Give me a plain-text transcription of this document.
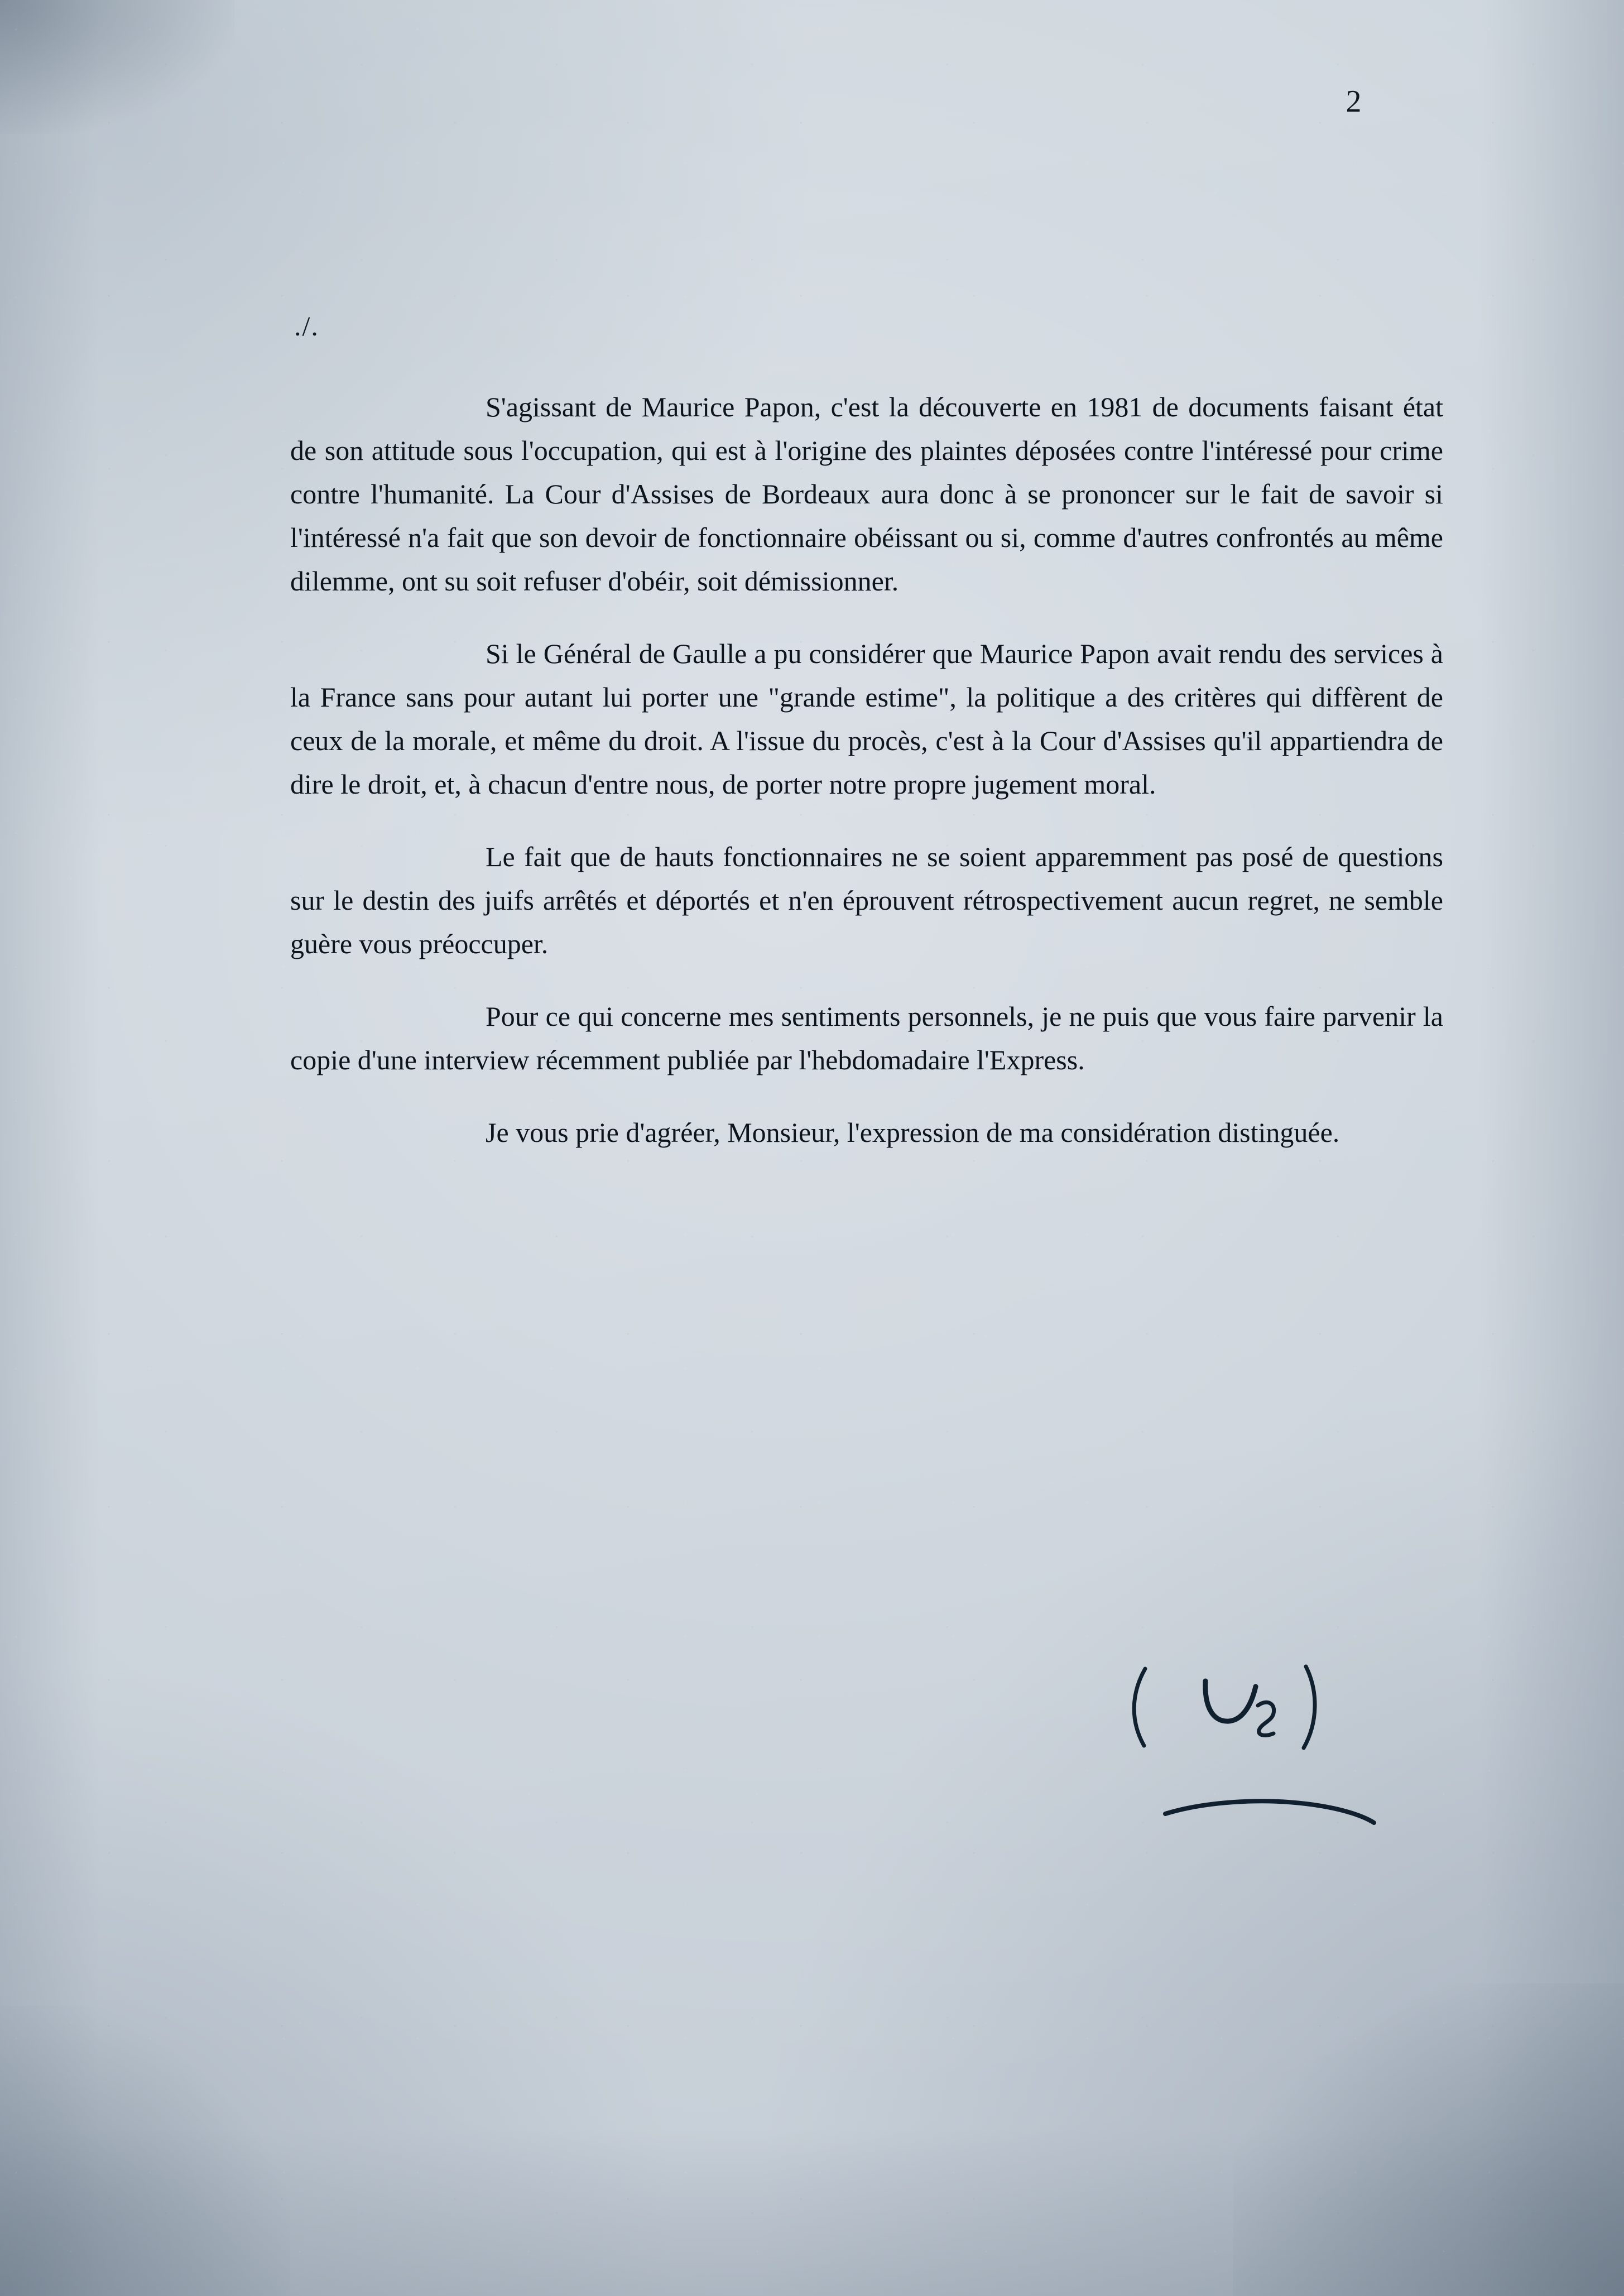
2
./.

S'agissant de Maurice Papon, c'est la découverte en 1981 de documents faisant état de son attitude sous l'occupation, qui est à l'origine des plaintes déposées contre l'intéressé pour crime contre l'humanité. La Cour d'Assises de Bordeaux aura donc à se prononcer sur le fait de savoir si l'intéressé n'a fait que son devoir de fonctionnaire obéissant ou si, comme d'autres confrontés au même dilemme, ont su soit refuser d'obéir, soit démissionner.

Si le Général de Gaulle a pu considérer que Maurice Papon avait rendu des services à la France sans pour autant lui porter une "grande estime", la politique a des critères qui diffèrent de ceux de la morale, et même du droit. A l'issue du procès, c'est à la Cour d'Assises qu'il appartiendra de dire le droit, et, à chacun d'entre nous, de porter notre propre jugement moral.

Le fait que de hauts fonctionnaires ne se soient apparemment pas posé de questions sur le destin des juifs arrêtés et déportés et n'en éprouvent rétrospectivement aucun regret, ne semble guère vous préoccuper.

Pour ce qui concerne mes sentiments personnels, je ne puis que vous faire parvenir la copie d'une interview récemment publiée par l'hebdomadaire l'Express.

Je vous prie d'agréer, Monsieur, l'expression de ma considération distinguée.
